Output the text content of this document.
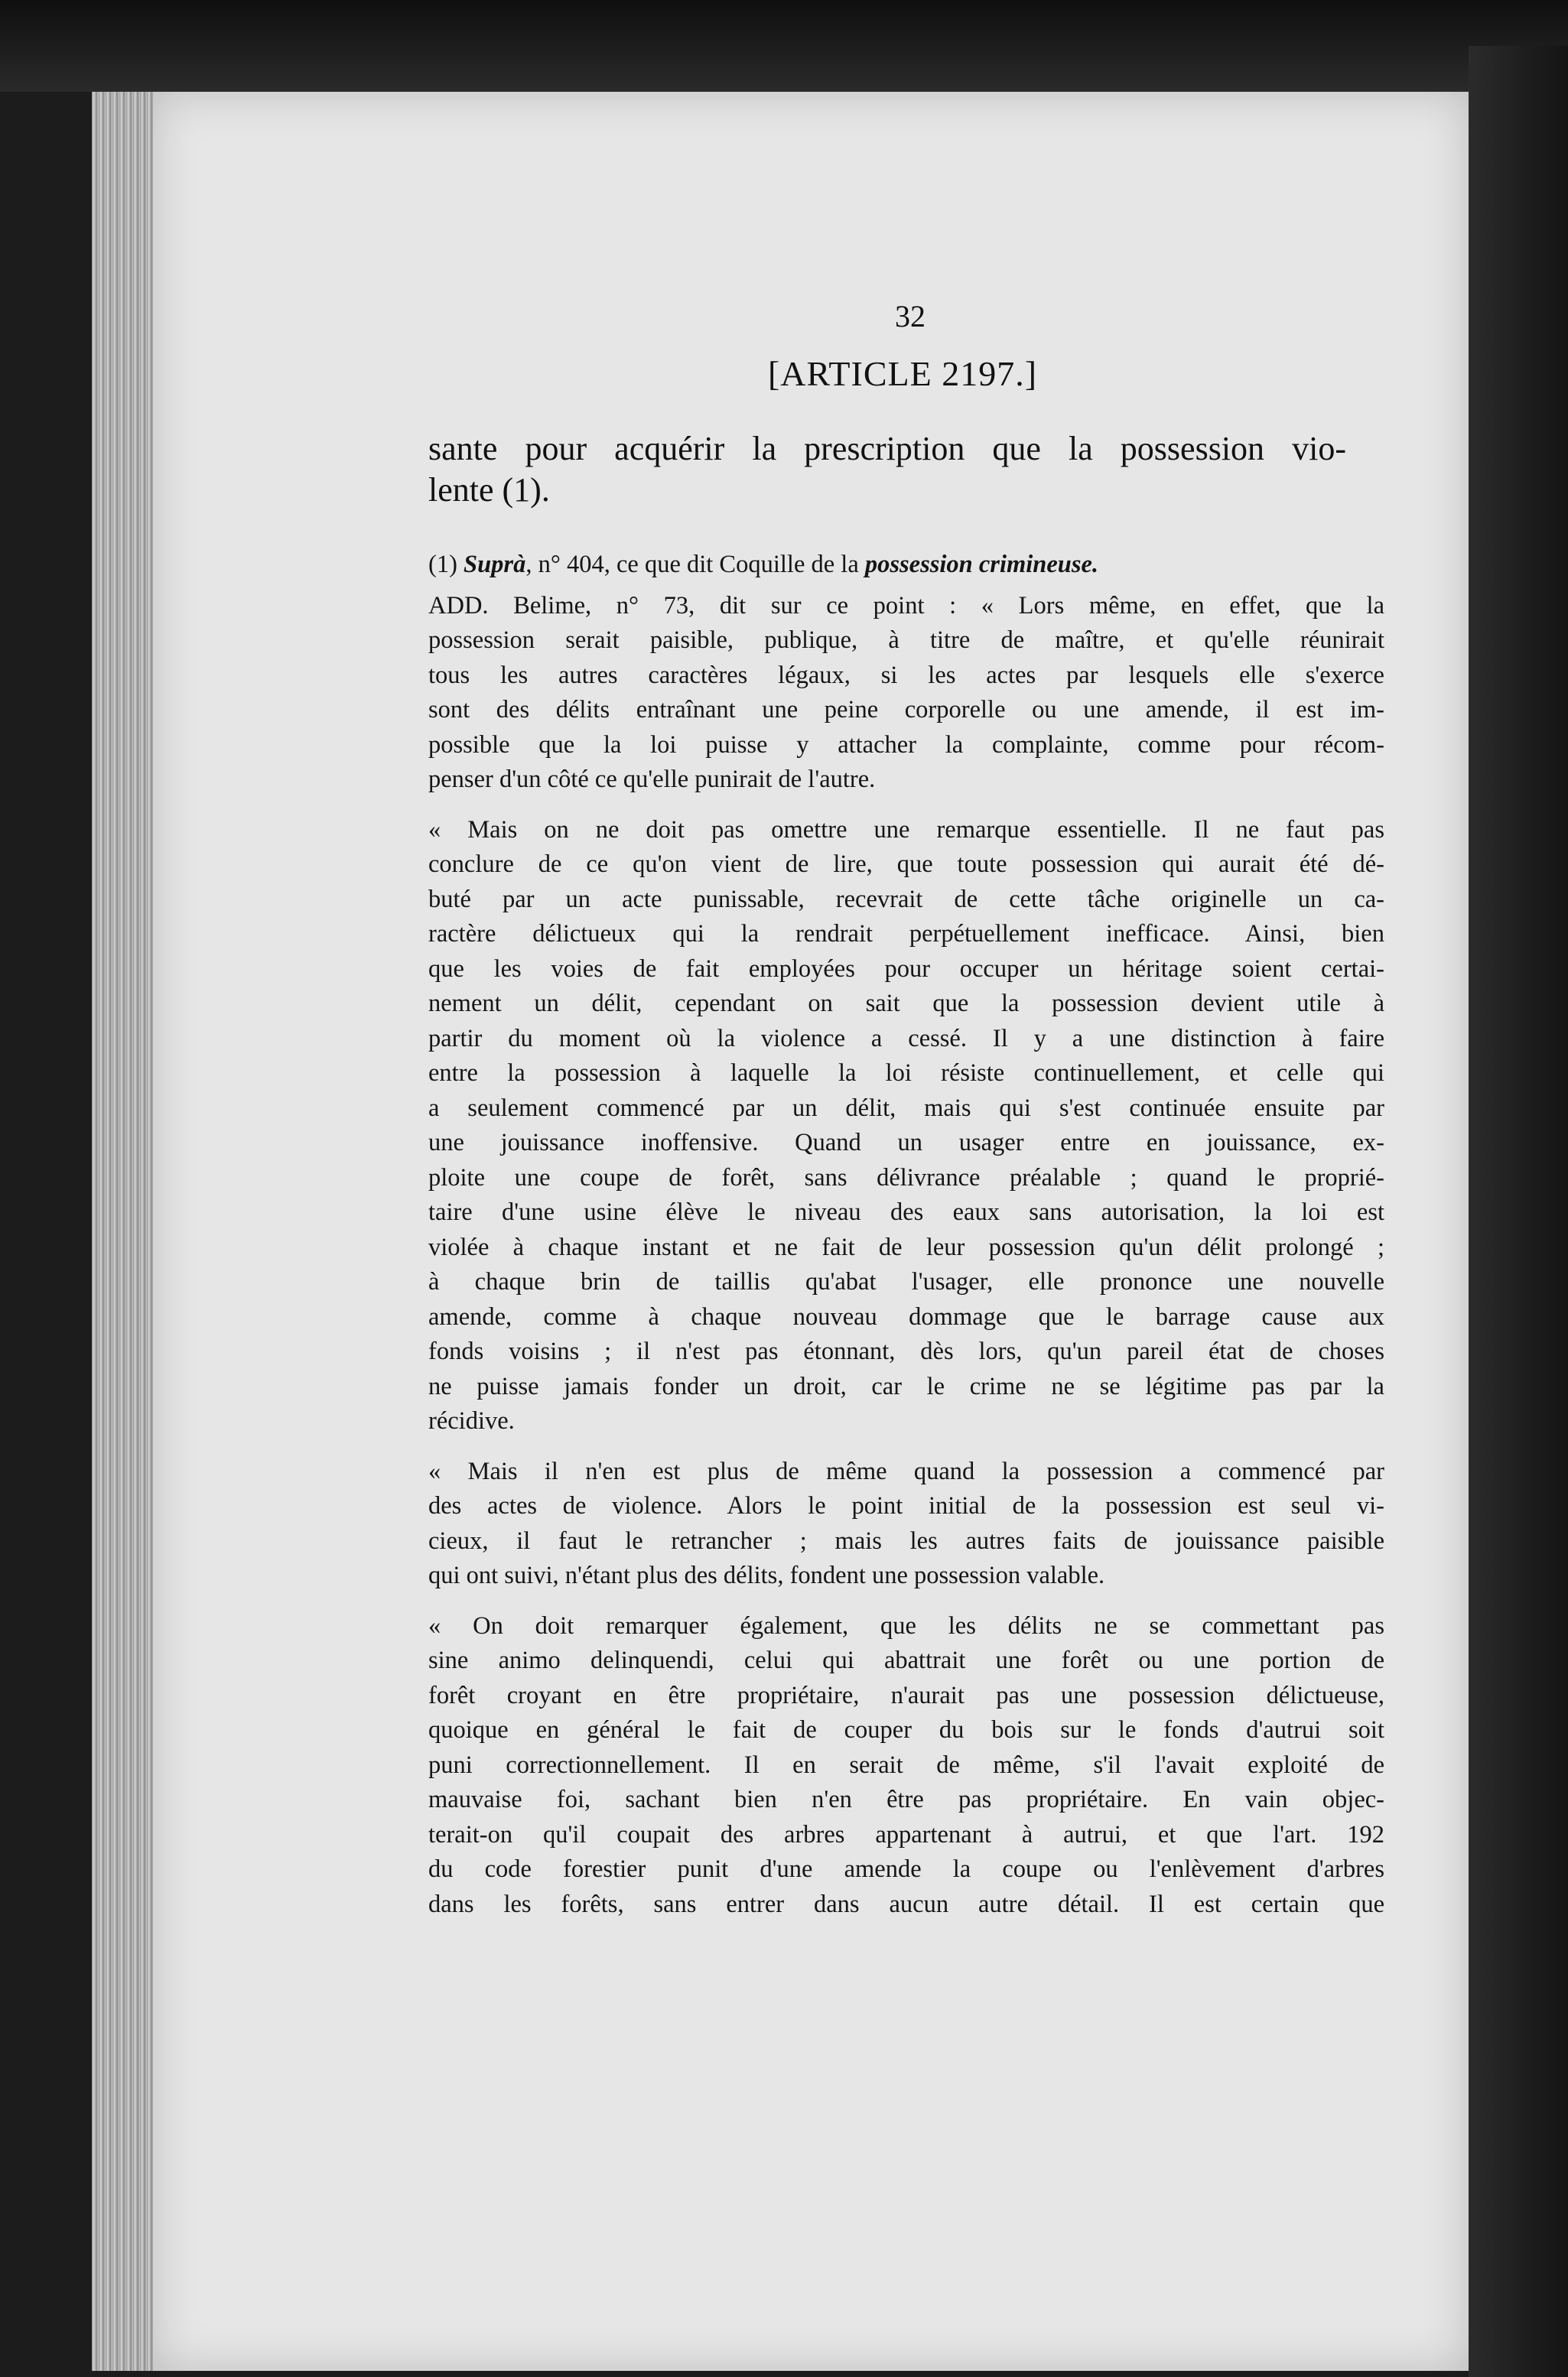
32
[ARTICLE 2197.]
sante pour acquérir la prescription que la possession vio-
lente (1).

(1) Suprà, n° 404, ce que dit Coquille de la possession crimineuse.

ADD. Belime, n° 73, dit sur ce point : « Lors même, en effet, que la
possession serait paisible, publique, à titre de maître, et qu'elle réunirait
tous les autres caractères légaux, si les actes par lesquels elle s'exerce
sont des délits entraînant une peine corporelle ou une amende, il est im-
possible que la loi puisse y attacher la complainte, comme pour récom-
penser d'un côté ce qu'elle punirait de l'autre.

« Mais on ne doit pas omettre une remarque essentielle. Il ne faut pas
conclure de ce qu'on vient de lire, que toute possession qui aurait été dé-
buté par un acte punissable, recevrait de cette tâche originelle un ca-
ractère délictueux qui la rendrait perpétuellement inefficace. Ainsi, bien
que les voies de fait employées pour occuper un héritage soient certai-
nement un délit, cependant on sait que la possession devient utile à
partir du moment où la violence a cessé. Il y a une distinction à faire
entre la possession à laquelle la loi résiste continuellement, et celle qui
a seulement commencé par un délit, mais qui s'est continuée ensuite par
une jouissance inoffensive. Quand un usager entre en jouissance, ex-
ploite une coupe de forêt, sans délivrance préalable ; quand le proprié-
taire d'une usine élève le niveau des eaux sans autorisation, la loi est
violée à chaque instant et ne fait de leur possession qu'un délit prolongé ;
à chaque brin de taillis qu'abat l'usager, elle prononce une nouvelle
amende, comme à chaque nouveau dommage que le barrage cause aux
fonds voisins ; il n'est pas étonnant, dès lors, qu'un pareil état de choses
ne puisse jamais fonder un droit, car le crime ne se légitime pas par la
récidive.

« Mais il n'en est plus de même quand la possession a commencé par
des actes de violence. Alors le point initial de la possession est seul vi-
cieux, il faut le retrancher ; mais les autres faits de jouissance paisible
qui ont suivi, n'étant plus des délits, fondent une possession valable.

« On doit remarquer également, que les délits ne se commettant pas
sine animo delinquendi, celui qui abattrait une forêt ou une portion de
forêt croyant en être propriétaire, n'aurait pas une possession délictueuse,
quoique en général le fait de couper du bois sur le fonds d'autrui soit
puni correctionnellement. Il en serait de même, s'il l'avait exploité de
mauvaise foi, sachant bien n'en être pas propriétaire. En vain objec-
terait-on qu'il coupait des arbres appartenant à autrui, et que l'art. 192
du code forestier punit d'une amende la coupe ou l'enlèvement d'arbres
dans les forêts, sans entrer dans aucun autre détail. Il est certain que
